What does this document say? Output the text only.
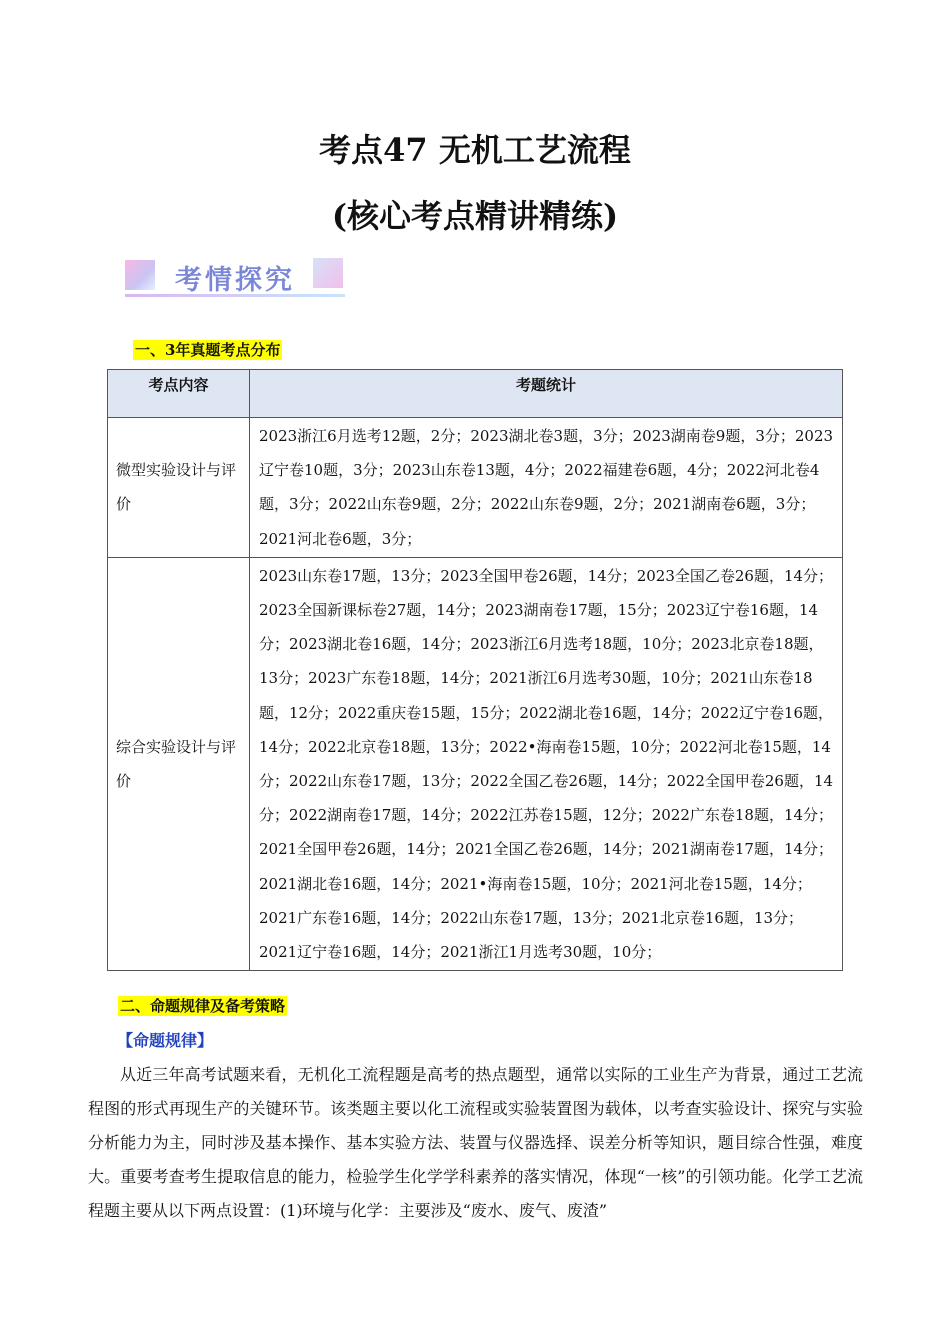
考点47 无机工艺流程
(核心考点精讲精练)
考情探究
一、3年真题考点分布
考点内容	考题统计
微型实验设计与评价	2023浙江6月选考12题，2分；2023湖北卷3题，3分；2023湖南卷9题，3分；2023辽宁卷10题，3分；2023山东卷13题，4分；2022福建卷6题，4分；2022河北卷4题，3分；2022山东卷9题，2分；2022山东卷9题，2分；2021湖南卷6题，3分；2021河北卷6题，3分；
综合实验设计与评价	2023山东卷17题，13分；2023全国甲卷26题，14分；2023全国乙卷26题，14分；2023全国新课标卷27题，14分；2023湖南卷17题，15分；2023辽宁卷16题，14分；2023湖北卷16题，14分；2023浙江6月选考18题，10分；2023北京卷18题，13分；2023广东卷18题，14分；2021浙江6月选考30题，10分；2021山东卷18题，12分；2022重庆卷15题，15分；2022湖北卷16题，14分；2022辽宁卷16题，14分；2022北京卷18题，13分；2022•海南卷15题，10分；2022河北卷15题，14分；2022山东卷17题，13分；2022全国乙卷26题，14分；2022全国甲卷26题，14分；2022湖南卷17题，14分；2022江苏卷15题，12分；2022广东卷18题，14分；2021全国甲卷26题，14分；2021全国乙卷26题，14分；2021湖南卷17题，14分；2021湖北卷16题，14分；2021•海南卷15题，10分；2021河北卷15题，14分；2021广东卷16题，14分；2022山东卷17题，13分；2021北京卷16题，13分；2021辽宁卷16题，14分；2021浙江1月选考30题，10分；
二、命题规律及备考策略
【命题规律】

从近三年高考试题来看，无机化工流程题是高考的热点题型，通常以实际的工业生产为背景，通过工艺流程图的形式再现生产的关键环节。该类题主要以化工流程或实验装置图为载体，以考查实验设计、探究与实验分析能力为主，同时涉及基本操作、基本实验方法、装置与仪器选择、误差分析等知识，题目综合性强，难度大。重要考查考生提取信息的能力，检验学生化学学科素养的落实情况，体现“一核”的引领功能。化学工艺流程题主要从以下两点设置：(1)环境与化学：主要涉及“废水、废气、废渣”
